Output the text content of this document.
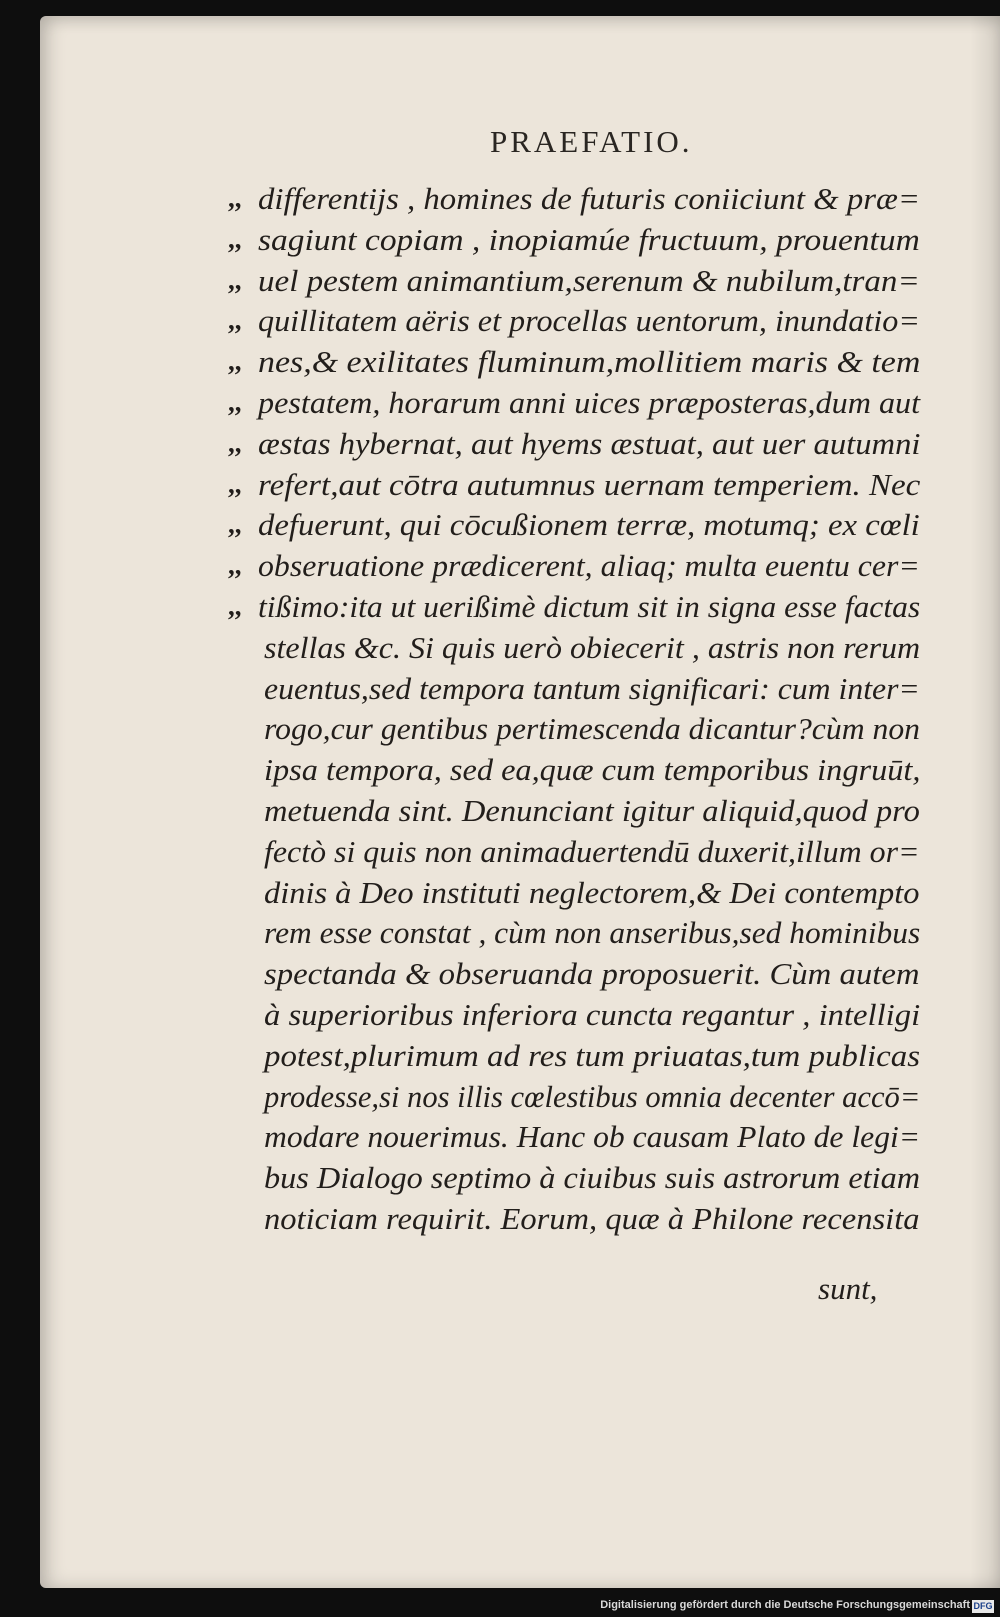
PRAEFATIO.
,, differentijs , homines de futuris coniiciunt & præ=
,, sagiunt copiam , inopiamúe fructuum, prouentum
,, uel pestem animantium,serenum & nubilum,tran=
,, quillitatem aëris et procellas uentorum, inundatio=
,, nes,& exilitates fluminum,mollitiem maris & tem
,, pestatem, horarum anni uices præposteras,dum aut
,, æstas hybernat, aut hyems æstuat, aut uer autumni
,, refert,aut cōtra autumnus uernam temperiem. Nec
,, defuerunt, qui cōcußionem terræ, motumq; ex cœli
,, obseruatione prædicerent, aliaq; multa euentu cer=
,, tißimo:ita ut uerißimè dictum sit in signa esse factas
stellas &c. Si quis uerò obiecerit , astris non rerum
euentus,sed tempora tantum significari: cum inter=
rogo,cur gentibus pertimescenda dicantur?cùm non
ipsa tempora, sed ea,quæ cum temporibus ingruūt,
metuenda sint. Denunciant igitur aliquid,quod pro
fectò si quis non animaduertendū duxerit,illum or=
dinis à Deo instituti neglectorem,& Dei contempto
rem esse constat , cùm non anseribus,sed hominibus
spectanda & obseruanda proposuerit. Cùm autem
à superioribus inferiora cuncta regantur , intelligi
potest,plurimum ad res tum priuatas,tum publicas
prodesse,si nos illis cœlestibus omnia decenter accō=
modare nouerimus. Hanc ob causam Plato de legi=
bus Dialogo septimo à ciuibus suis astrorum etiam
noticiam requirit. Eorum, quæ à Philone recensita
sunt,
Digitalisierung gefördert durch die Deutsche Forschungsgemeinschaft DFG
